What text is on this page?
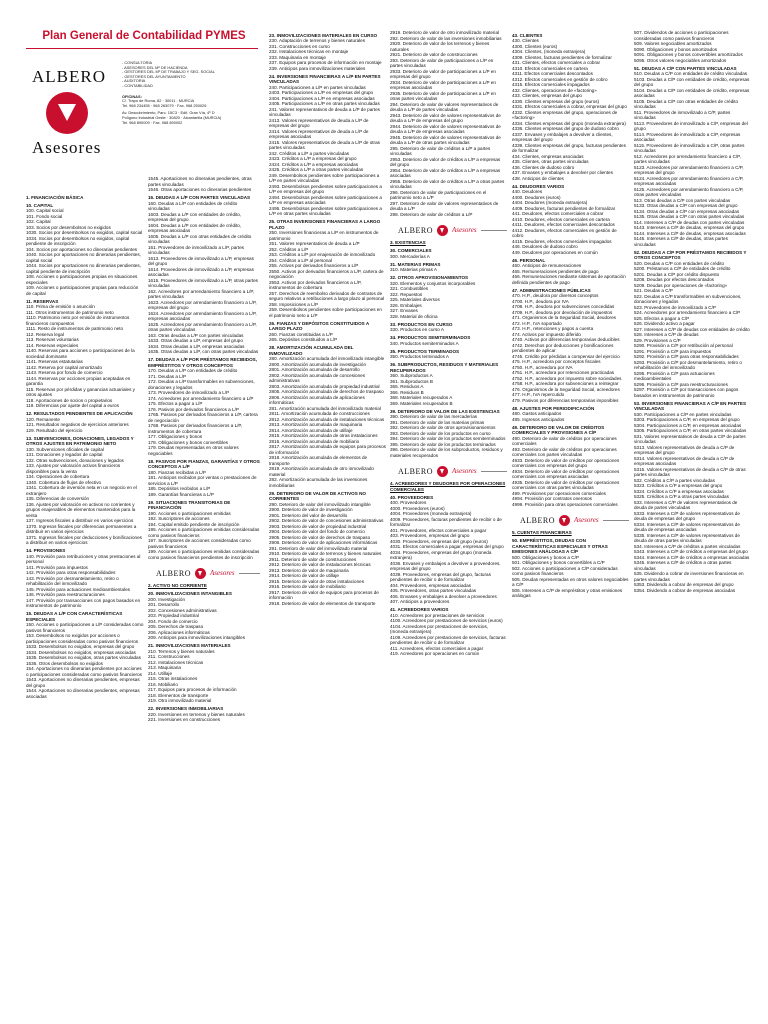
Plan General de Contabilidad PYMES
ALBERO
Asesores
- CONSULTORIA
- ASESORES DEL Mº DE HACIENDA
- GESTORES DEL Mº DE TRABAJO Y SEG. SOCIAL
- GESTORES DEL AYUNTAMIENTO
- AUDITORIA
- CONTABILIDAD
OFICINAS:
C/. Trapo de Roma, 82 · 30011 - MURCIA
Tel. 968 234455 · 968 263079 · Fax. 968 250026
Av. Descubrimiento, Parc. 15C3 · Edif. Gran Vía, 4º D
Polígono Industrial Oeste · 30820 · Alcantarilla (MURCIA)
Tel. 968 890009 · Fax. 968 890002
1. FINANCIACIÓN BÁSICA
10. CAPITAL
100. Capital social
101. Fondo social
102. Capital
103. Socios por desembolsos no exigidos
1030. Socios por desembolsos no exigidos, capital social
1034. Socios por desembolsos no exigidos, capital pendiente de inscripción
104. Socios por aportaciones no dinerarias pendientes
1040. Socios por aportaciones no dinerarias pendientes, capital social
1044. Socios por aportaciones no dinerarias pendientes, capital pendiente de inscripción
108. Acciones o participaciones propias en situaciones especiales
109. Acciones o participaciones propias para reducción de capital
11. RESERVAS
110. Prima de emisión o asunción
111. Otros instrumentos de patrimonio neto
1110. Patrimonio neto por emisión de instrumentos financieros compuestos
1111. Resto de instrumentos de patrimonio neto
112. Reserva legal
113. Reservas voluntarias
114. Reservas especiales
1140. Reservas para acciones o participaciones de la sociedad dominante
1141. Reservas estatutarias
1142. Reserva por capital amortizado
1143. Reserva por fondo de comercio
1144. Reservas por acciones propias aceptadas en garantía
115. Reservas por pérdidas y ganancias actuariales y otros ajustes
118. Aportaciones de socios o propietarios
119. Diferencias por ajuste del capital a euros
12. RESULTADOS PENDIENTES DE APLICACIÓN
120. Remanente
121. Resultados negativos de ejercicios anteriores
129. Resultado del ejercicio
13. SUBVENCIONES, DONACIONES, LEGADOS Y OTROS AJUSTES EN PATRIMONIO NETO
130. Subvenciones oficiales de capital
131. Donaciones y legados de capital
132. Otras subvenciones, donaciones y legados
133. Ajustes por valoración activos financieros disponibles para la venta
134. Operaciones de cobertura
1340. Cobertura de flujos de efectivo
1341. Cobertura de inversión neta en un negocio en el extranjero
135. Diferencias de conversión
136. Ajustes por valoración en activos no corrientes y grupos enajenables de elementos mantenidos para la venta
137. Ingresos fiscales a distribuir en varios ejercicios
1370. Ingresos fiscales por diferencias permanentes a distribuir en varios ejercicios
1371. Ingresos fiscales por deducciones y bonificaciones a distribuir en varios ejercicios
14. PROVISIONES
140. Provisión para retribuciones y otras prestaciones al personal
141. Provisión para impuestos
142. Provisión para otras responsabilidades
143. Provisión por desmantelamiento, retiro o rehabilitación del inmovilizado
145. Provisión para actuaciones medioambientales
146. Provisión para reestructuraciones
147. Provisión por transacciones con pagos basados en instrumentos de patrimonio
15. DEUDAS A L/P CON CARACTERÍSTICAS ESPECIALES
150. Acciones o participaciones a L/P consideradas como pasivos financieros
153. Desembolsos no exigidos por acciones o participaciones consideradas como pasivos financieros
1533. Desembolsos no exigidos, empresas del grupo
1534. Desembolsos no exigidos, empresas asociadas
1535. Desembolsos no exigidos, otras partes vinculadas
1536. Otros desembolsos no exigidos
154. Aportaciones no dinerarias pendientes por acciones o participaciones consideradas como pasivos financieros
1543. Aportaciones no dinerarias pendientes, empresas del grupo
1544. Aportaciones no dinerarias pendientes, empresas asociadas
1545. Aportaciones no dinerarias pendientes, otras partes vinculadas
1546. Otras aportaciones no dinerarias pendientes
16. DEUDAS A L/P CON PARTES VINCULADAS
160. Deudas a L/P con entidades de crédito vinculadas
1603. Deudas a L/P con entidades de crédito, empresas del grupo
1604. Deudas a L/P con entidades de crédito, empresas asociadas
1605. Deudas a L/P con otras entidades de crédito vinculadas
161. Proveedores de inmovilizado a L/P, partes vinculadas
1613. Proveedores de inmovilizado a L/P, empresas del grupo
1614. Proveedores de inmovilizado a L/P, empresas asociadas
1615. Proveedores de inmovilizado a L/P, otras partes vinculadas
162. Acreedores por arrendamiento financiero a L/P, partes vinculadas
1623. Acreedores por arrendamiento financiero a L/P, empresas del grupo
1624. Acreedores por arrendamiento financiero a L/P, empresas asociadas
1625. Acreedores por arrendamiento financiero a L/P, otras partes vinculadas
163. Otras deudas a L/P con partes vinculadas
1633. Otras deudas a L/P, empresas del grupo
1634. Otras deudas a L/P, empresas asociadas
1635. Otras deudas a L/P, con otras partes vinculadas
17. DEUDAS A L/P POR PRÉSTAMOS RECIBIDOS, EMPRÉSTITOS Y OTROS CONCEPTOS
170. Deudas a L/P con entidades de crédito
171. Deudas a L/P
172. Deudas a L/P transformables en subvenciones, donaciones y legados
173. Proveedores de inmovilizado a L/P
174. Acreedores por arrendamiento financiero a L/P
175. Efectos a pagar a L/P
176. Pasivos por derivados financieros a L/P
1765. Pasivos por derivados financieros a L/P, cartera de negociación
1768. Pasivos por derivados financieros a L/P, instrumentos de cobertura
177. Obligaciones y bonos
178. Obligaciones y bonos convertibles
179. Deudas representadas en otros valores negociables
18. PASIVOS POR FIANZAS, GARANTÍAS Y OTROS CONCEPTOS A L/P
180. Fianzas recibidas a L/P
181. Anticipos recibidos por ventas o prestaciones de servicios a L/P
185. Depósitos recibidos a L/P
189. Garantías financieras a L/P
19. SITUACIONES TRANSITORIAS DE FINANCIACIÓN
190. Acciones o participaciones emitidas
192. Suscriptores de acciones
194. Capital emitido pendiente de inscripción
195. Acciones o participaciones emitidas consideradas como pasivos financieros
197. Suscriptores de acciones consideradas como pasivos financieros
199. Acciones o participaciones emitidas consideradas como pasivos financieros pendientes de inscripción
ALBERO	Asesores
2. ACTIVO NO CORRIENTE
20. INMOVILIZACIONES INTANGIBLES
200. Investigación
201. Desarrollo
202. Concesiones administrativas
203. Propiedad industrial
204. Fondo de comercio
205. Derechos de traspaso
206. Aplicaciones informáticas
209. Anticipos para inmovilizaciones intangibles
21. INMOVILIZACIONES MATERIALES
210. Terrenos y bienes naturales
211. Construcciones
212. Instalaciones técnicas
213. Maquinaria
214. Utillaje
215. Otras instalaciones
216. Mobiliario
217. Equipos para procesos de información
218. Elementos de transporte
219. Otro inmovilizado material
22. INVERSIONES INMOBILIARIAS
220. Inversiones en terrenos y bienes naturales
221. Inversiones en construcciones
23. INMOVILIZACIONES MATERIALES EN CURSO
230. Adaptación de terrenos y bienes naturales
231. Construcciones en curso
232. Instalaciones técnicas en montaje
233. Maquinaria en montaje
237. Equipos para procesos de información en montaje
239. Anticipos para inmovilizaciones materiales
24. INVERSIONES FINANCIERAS A L/P EN PARTES VINCULADAS
240. Participaciones a L/P en partes vinculadas
2403. Participaciones a L/P en empresas del grupo
2404. Participaciones a L/P en empresas asociadas
2405. Participaciones a L/P en otras partes vinculadas
241. Valores representativos de deuda a L/P de partes vinculadas
2413. Valores representativos de deuda a L/P de empresas del grupo
2414. Valores representativos de deuda a L/P de empresas asociadas
2415. Valores representativos de deuda a L/P de otras partes vinculadas
242. Créditos a L/P a partes vinculadas
2423. Créditos a L/P a empresas del grupo
2424. Créditos a L/P a empresas asociadas
2425. Créditos a L/P a otras partes vinculadas
249. Desembolsos pendientes sobre participaciones a L/P en partes vinculadas
2493. Desembolsos pendientes sobre participaciones a L/P en empresas del grupo
2494. Desembolsos pendientes sobre participaciones a L/P en empresas asociadas
2495. Desembolsos pendientes sobre participaciones a L/P en otras partes vinculadas
25. OTRAS INVERSIONES FINANCIERAS A LARGO PLAZO
250. Inversiones financieras a L/P en instrumentos de patrimonio
251. Valores representativos de deuda a L/P
252. Créditos a L/P
253. Créditos a L/P por enajenación de inmovilizado
254. Créditos a L/P al personal
255. Activos por derivados financieros a L/P
2550. Activos por derivados financieros a L/P, cartera de negociación
2553. Activos por derivados financieros a L/P, instrumentos de cobertura
257. Derechos de reembolso derivados de contratos de seguro relativos a retribuciones a largo plazo al personal
258. Imposiciones a L/P
259. Desembolsos pendientes sobre participaciones en el patrimonio neto a L/P
26. FIANZAS Y DEPÓSITOS CONSTITUIDOS A LARGO PLAZO
260. Fianzas constituidas a L/P
265. Depósitos constituidos a L/P
28. AMORTIZACIÓN ACUMULADA DEL INMOVILIZADO
280. Amortización acumulada del inmovilizado intangible
2800. Amortización acumulada de investigación
2801. Amortización acumulada de desarrollo
2802. Amortización acumulada de concesiones administrativas
2803. Amortización acumulada de propiedad industrial
2805. Amortización acumulada de derechos de traspaso
2806. Amortización acumulada de aplicaciones informáticas
281. Amortización acumulada del inmovilizado material
2811. Amortización acumulada de construcciones
2812. Amortización acumulada de instalaciones técnicas
2813. Amortización acumulada de maquinaria
2814. Amortización acumulada de utillaje
2815. Amortización acumulada de otras instalaciones
2816. Amortización acumulada de mobiliario
2817. Amortización acumulada de equipos para procesos de información
2818. Amortización acumulada de elementos de transporte
2819. Amortización acumulada de otro inmovilizado material
282. Amortización acumulada de las inversiones inmobiliarias
29. DETERIORO DE VALOR DE ACTIVOS NO CORRIENTES
290. Deterioro de valor del inmovilizado intangible
2900. Deterioro de valor de investigación
2901. Deterioro del valor de desarrollo
2902. Deterioro de valor de concesiones administrativas
2903. Deterioro de valor de propiedad industrial
2904. Deterioro de valor del fondo de comercio
2905. Deterioro de valor de derechos de traspaso
2906. Deterioro de valor de aplicaciones informáticas
291. Deterioro de valor del inmovilizado material
2910. Deterioro de valor de terrenos y bienes naturales
2911. Deterioro de valor de construcciones
2912. Deterioro de valor de instalaciones técnicas
2913. Deterioro de valor de maquinaria
2914. Deterioro de valor de utillaje
2915. Deterioro de valor de otras instalaciones
2916. Deterioro de valor de mobiliario
2917. Deterioro de valor de equipos para procesos de información
2918. Deterioro de valor de elementos de transporte
2919. Deterioro de valor de otro inmovilizado material
292. Deterioro de valor de las inversiones inmobiliarias
2920. Deterioro de valor de los terrenos y bienes naturales
2921. Deterioro de valor de construcciones
293. Deterioro de valor de participaciones a L/P en partes vinculadas
2933. Deterioro de valor de participaciones a L/P en empresas del grupo
2934. Deterioro de valor de participaciones a L/P en empresas asociadas
2935. Deterioro de valor de participaciones a L/P en otras partes vinculadas
294. Deterioro de valor de valores representativos de deuda a L/P de partes vinculadas
2943. Deterioro de valor de valores representativos de deuda a L/P de empresas del grupo
2944. Deterioro de valor de valores representativos de deuda a L/P de empresas asociadas
2945. Deterioro de valor de valores representativos de deuda a L/P de otras partes vinculadas
295. Deterioro de valor de créditos a L/P a partes vinculadas
2953. Deterioro de valor de créditos a L/P a empresas del grupo
2954. Deterioro de valor de créditos a L/P a empresas asociadas
2955. Deterioro de valor de créditos a L/P a otras partes vinculadas
296. Deterioro de valor de participaciones en el patrimonio neto a L/P
297. Deterioro de valor de valores representativos de deuda a L/P
298. Deterioro de valor de créditos a L/P
ALBERO	Asesores
3. EXISTENCIAS
30. COMERCIALES
300. Mercaderías A
31. MATERIAS PRIMAS
310. Materias primas A
32. OTROS APROVISIONAMIENTOS
320. Elementos y conjuntos incorporables
321. Combustibles
322. Repuestos
325. Materiales diversos
326. Embalajes
327. Envases
328. Material de oficina
33. PRODUCTOS EN CURSO
330. Productos en curso A
34. PRODUCTOS SEMITERMINADOS
340. Productos semiterminados A
35. PRODUCTOS TERMINADOS
350. Productos terminados A
36. SUBPRODUCTOS, RESIDUOS Y MATERIALES RECUPERADOS
360. Subproductos A
361. Subproductos B
365. Residuos A
366. Residuos B
368. Materiales recuperados A
369. Materiales recuperados B
39. DETERIORO DE VALOR DE LAS EXISTENCIAS
390. Deterioro de valor de las mercaderías
391. Deterioro de valor de las materias primas
392. Deterioro de valor de otros aprovisionamientos
393. Deterioro de valor de los productos en curso
394. Deterioro de valor de los productos semiterminados
395. Deterioro de valor de los productos terminados
396. Deterioro de valor de los subproductos, residuos y materiales recuperados
ALBERO	Asesores
4. ACREEDORES Y DEUDORES POR OPERACIONES COMERCIALES
40. PROVEEDORES
400. Proveedores
4000. Proveedores (euros)
4004. Proveedores (moneda extranjera)
4009. Proveedores, facturas pendientes de recibir o de formalizar
401. Proveedores, efectos comerciales a pagar
403. Proveedores, empresas del grupo
4030. Proveedores, empresas del grupo (euros)
4031. Efectos comerciales a pagar, empresas del grupo
4034. Proveedores, empresas del grupo (moneda extranjera)
4036. Envases y embalajes a devolver a proveedores, empresas del grupo
4039. Proveedores, empresas del grupo, facturas pendientes de recibir o de formalizar
404. Proveedores, empresas asociadas
405. Proveedores, otras partes vinculadas
406. Envases y embalajes a devolver a proveedores
407. Anticipos a proveedores
41. ACREEDORES VARIOS
410. Acreedores por prestaciones de servicios
4100. Acreedores por prestaciones de servicios (euros)
4104. Acreedores por prestaciones de servicios, (moneda extranjera)
4109. Acreedores por prestaciones de servicios, facturas pendientes de recibir o de formalizar
411. Acreedores, efectos comerciales a pagar
419. Acreedores por operaciones en común
43. CLIENTES
430. Clientes
4300. Clientes (euros)
4304. Clientes, (moneda extranjera)
4309. Clientes, facturas pendientes de formalizar
431. Clientes, efectos comerciales a cobrar
4310. Efectos comerciales en cartera
4311. Efectos comerciales descontados
4312. Efectos comerciales en gestión de cobro
4315. Efectos comerciales impagados
432. Clientes, operaciones de «factoring»
433. Clientes, empresas del grupo
4330. Clientes empresas del grupo (euros)
4331. Efectos comerciales a cobrar, empresas del grupo
4332. Clientes empresas del grupo, operaciones de «factoring»
4334. Clientes empresas del grupo (moneda extranjera)
4336. Clientes empresas del grupo de dudoso cobro
4337. Envases y embalajes a devolver a clientes, empresas del grupo
4339. Clientes empresas del grupo, facturas pendientes de formalizar
434. Clientes, empresas asociadas
435. Clientes, otras partes vinculadas
436. Clientes de dudoso cobro
437. Envases y embalajes a devolver por clientes
438. Anticipos de clientes
44. DEUDORES VARIOS
440. Deudores
4400. Deudores (euros)
4404. Deudores (moneda extranjera)
4409. Deudores, facturas pendientes de formalizar
441. Deudores, efectos comerciales a cobrar
4410. Deudores, efectos comerciales en cartera
4411. Deudores, efectos comerciales descontados
4412. Deudores, efectos comerciales en gestión de cobro
4415. Deudores, efectos comerciales impagados
446. Deudores de dudoso cobro
449. Deudores por operaciones en común
46. PERSONAL
460. Anticipos de remuneraciones
465. Remuneraciones pendientes de pago
466. Remuneraciones mediante sistemas de aportación definida pendientes de pago
47. ADMINISTRACIONES PÚBLICAS
470. H.P., deudora por diversos conceptos
4700. H.P., deudora por IVA
4708. H.P., deudora por subvenciones concedidas
4709. H.P., deudora por devolución de impuestos
471. Organismos de la Seguridad Social, deudores
472. H.P., IVA soportado
473. H.P., retenciones y pagos a cuenta
474. Activos por impuesto diferido
4740. Activos por diferencias temporarias deducibles
4742. Derechos por deducciones y bonificaciones pendientes de aplicar
4745. Crédito por pérdidas a compensar del ejercicio
475. H.P., acreedora por conceptos fiscales
4750. H.P., acreedora por IVA
4751. H.P., acreedora por retenciones practicadas
4752. H.P., acreedora por impuesto sobre sociedades
4758. H.P., acreedora por subvenciones a reintegrar
476. Organismos de la Seguridad Social, acreedores
477. H.P., IVA repercutido
479. Pasivos por diferencias temporarias imponibles
48. AJUSTES POR PERIODIFICACIÓN
480. Gastos anticipados
485. Ingresos anticipados
49. DETERIORO DE VALOR DE CRÉDITOS COMERCIALES Y PROVISIONES A C/P
490. Deterioro de valor de créditos por operaciones comerciales
493. Deterioro de valor de créditos por operaciones comerciales con partes vinculadas
4933. Deterioro de valor de créditos por operaciones comerciales con empresas del grupo
4934. Deterioro de valor de créditos por operaciones comerciales con empresas asociadas
4935. Deterioro de valor de créditos por operaciones comerciales con otras partes vinculadas
499. Provisiones por operaciones comerciales
4994. Provisión por contratos onerosos
4999. Provisión para otras operaciones comerciales
ALBERO	Asesores
5. CUENTAS FINANCIERAS
50. EMPRÉSTITOS, DEUDAS CON CARACTERÍSTICAS ESPECIALES Y OTRAS EMISIONES ANÁLOGAS A C/P
500. Obligaciones y bonos a C/P
501. Obligaciones y bonos convertibles a C/P
502. Acciones o participaciones a C/P consideradas como pasivos financieros
505. Deudas representadas en otros valores negociables a C/P
506. Intereses a C/P de empréstitos y otras emisiones análogas
507. Dividendos de acciones o participaciones consideradas como pasivos financieros
509. Valores negociables amortizados
5090. Obligaciones y bonos amortizados
5091. Obligaciones y bonos convertibles amortizados
5095. Otros valores negociables amortizados
51. DEUDAS A C/P CON PARTES VINCULADAS
510. Deudas a C/P con entidades de crédito vinculadas
5103. Deudas a C/P con entidades de crédito, empresas del grupo
5104. Deudas a C/P con entidades de crédito, empresas asociadas
5105. Deudas a C/P con otras entidades de crédito vinculadas
511. Proveedores de inmovilizado a C/P, partes vinculadas
5113. Proveedores de inmovilizado a C/P, empresas del grupo
5114. Proveedores de inmovilizado a C/P, empresas asociadas
5115. Proveedores de inmovilizado a C/P, otras partes vinculadas
512. Acreedores por arrendamiento financiero a C/P, partes vinculadas
5123. Acreedores por arrendamiento financiero a C/P, empresas del grupo
5124. Acreedores por arrendamiento financiero a C/P, empresas asociadas
5125. Acreedores por arrendamiento financiero a C/P, otras partes vinculadas
513. Otras deudas a C/P con partes vinculadas
5133. Otras deudas a C/P con empresas del grupo
5134. Otras deudas a C/P con empresas asociadas
5135. Otras deudas a C/P con otras partes vinculadas
514. Intereses a C/P de deudas con partes vinculadas
5143. Intereses a C/P de deudas, empresas del grupo
5144. Intereses a C/P de deudas, empresas asociadas
5145. Intereses a C/P de deudas, otras partes vinculadas
52. DEUDAS A C/P POR PRÉSTAMOS RECIBIDOS Y OTROS CONCEPTOS
520. Deudas a C/P con entidades de crédito
5200. Préstamos a C/P de entidades de crédito
5201. Deudas a C/P por crédito dispuesto
5208. Deudas por efectos descontados
5209. Deudas por operaciones de «factoring»
521. Deudas a C/P
522. Deudas a C/P transformables en subvenciones, donaciones y legados
523. Proveedores de inmovilizado a C/P
524. Acreedores por arrendamiento financiero a C/P
525. Efectos a pagar a C/P
526. Dividendo activo a pagar
527. Intereses a C/P de deudas con entidades de crédito
528. Intereses a C/P de deudas
529. Provisiones a C/P
5290. Provisión a C/P por retribución al personal
5291. Provisión a C/P para impuestos
5292. Provisión a C/P para otras responsabilidades
5293. Provisión a C/P por desmantelamiento, retiro o rehabilitación del inmovilizado
5295. Provisión a C/P para actuaciones medioambientales
5296. Provisión a C/P para reestructuraciones
5297. Provisión a C/P por transacciones con pagos basados en instrumentos de patrimonio
53. INVERSIONES FINANCIERAS A C/P EN PARTES VINCULADAS
530. Participaciones a C/P en partes vinculadas
5303. Participaciones a C/P, en empresas del grupo
5304. Participaciones a C/P, en empresas asociadas
5305. Participaciones a C/P, en otras partes vinculadas
531. Valores representativos de deuda a C/P de partes vinculadas
5313. Valores representativos de deuda a C/P de empresas del grupo
5314. Valores representativos de deuda a C/P de empresas asociadas
5315. Valores representativos de deuda a C/P de otras partes vinculadas
532. Créditos a C/P a partes vinculadas
5323. Créditos a C/P a empresas del grupo
5324. Créditos a C/P a empresas asociadas
5325. Créditos a C/P a otras partes vinculadas
533. Intereses a C/P de valores representativos de deuda de partes vinculadas
5333. Intereses a C/P de valores representativos de deuda de empresas del grupo
5334. Intereses a C/P de valores representativos de deuda de empresas asociadas
5335. Intereses a C/P de valores representativos de deuda de otras partes vinculadas
534. Intereses a C/P de créditos a partes vinculadas
5343. Intereses a C/P de créditos a empresas del grupo
5344. Intereses a C/P de créditos a empresas asociadas
5345. Intereses a C/P de créditos a otras partes vinculadas
535. Dividendo a cobrar de inversiones financieras en partes vinculadas
5353. Dividendo a cobrar de empresas del grupo
5354. Dividendo a cobrar de empresas asociadas
